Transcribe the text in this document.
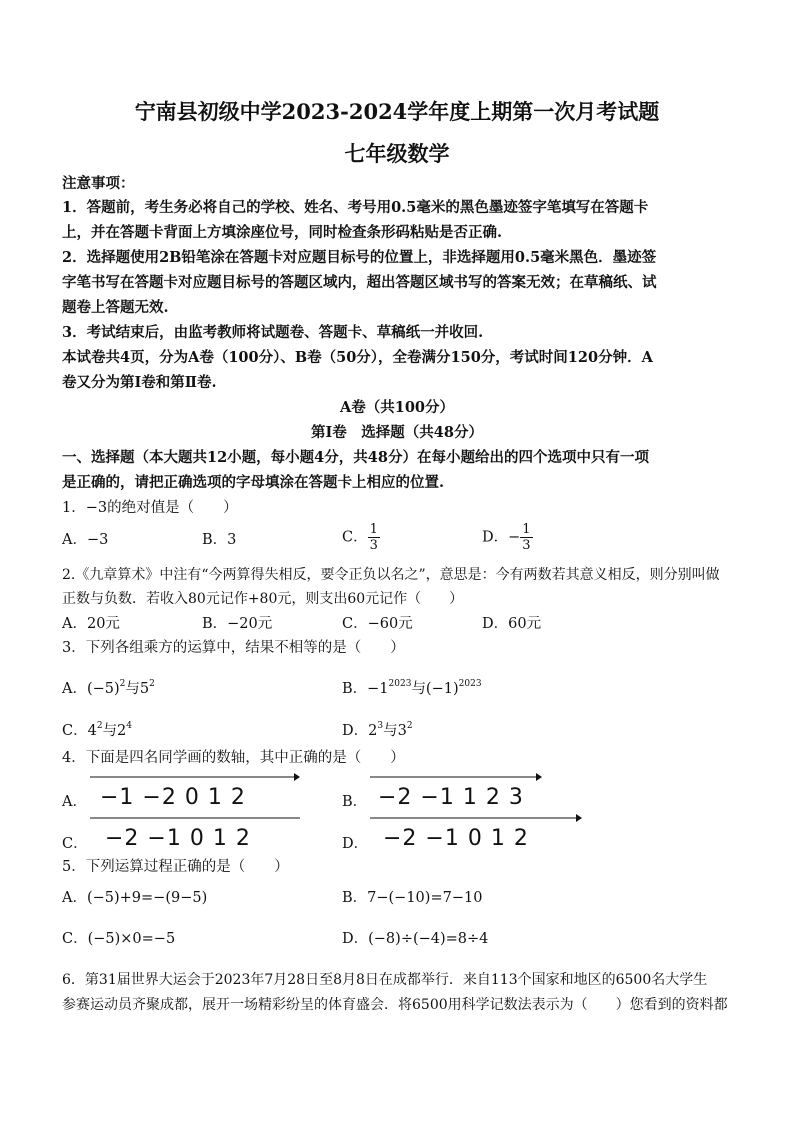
宁南县初级中学2023-2024学年度上期第一次月考试题
七年级数学
注意事项：
1．答题前，考生务必将自己的学校、姓名、考号用0.5毫米的黑色墨迹签字笔填写在答题卡
上，并在答题卡背面上方填涂座位号，同时检查条形码粘贴是否正确.
2．选择题使用2B铅笔涂在答题卡对应题目标号的位置上，非选择题用0.5毫米黑色．墨迹签
字笔书写在答题卡对应题目标号的答题区域内，超出答题区域书写的答案无效；在草稿纸、试
题卷上答题无效.
3．考试结束后，由监考教师将试题卷、答题卡、草稿纸一并收回.
本试卷共4页，分为A卷（100分）、B卷（50分），全卷满分150分，考试时间120分钟．A
卷又分为第Ⅰ卷和第Ⅱ卷.
A卷（共100分）
第Ⅰ卷　选择题（共48分）
一、选择题（本大题共12小题，每小题4分，共48分）在每小题给出的四个选项中只有一项
是正确的，请把正确选项的字母填涂在答题卡上相应的位置.
1．−3的绝对值是（　　）
A．−3	B．3	C． $\frac{1}{3}$	D．− $\frac{1}{3}$
2.《九章算术》中注有“今两算得失相反，要令正负以名之”，意思是：今有两数若其意义相反，则分别叫做
正数与负数．若收入80元记作+80元，则支出60元记作（　　）
A．20元	B．−20元	C．−60元	D．60元
3．下列各组乘方的运算中，结果不相等的是（　　）
A．$(-5)^2$与$5^2$	B．$-1^{2023}$与$(-1)^{2023}$
C．$4^2$与$2^4$	D．$2^3$与$3^2$
4．下面是四名同学画的数轴，其中正确的是（　　）
A． −1 −2 0 1 2	B． −2 −1 1 2 3
C． −2 −1 0 1 2	D． −2 −1 0 1 2
5．下列运算过程正确的是（　　）
A．(−5)+9=−(9−5)	B．7−(−10)=7−10
C．(−5)×0=−5	D．(−8)÷(−4)=8÷4
6．第31届世界大运会于2023年7月28日至8月8日在成都举行．来自113个国家和地区的6500名大学生
参赛运动员齐聚成都，展开一场精彩纷呈的体育盛会．将6500用科学记数法表示为（　　）您看到的资料都
